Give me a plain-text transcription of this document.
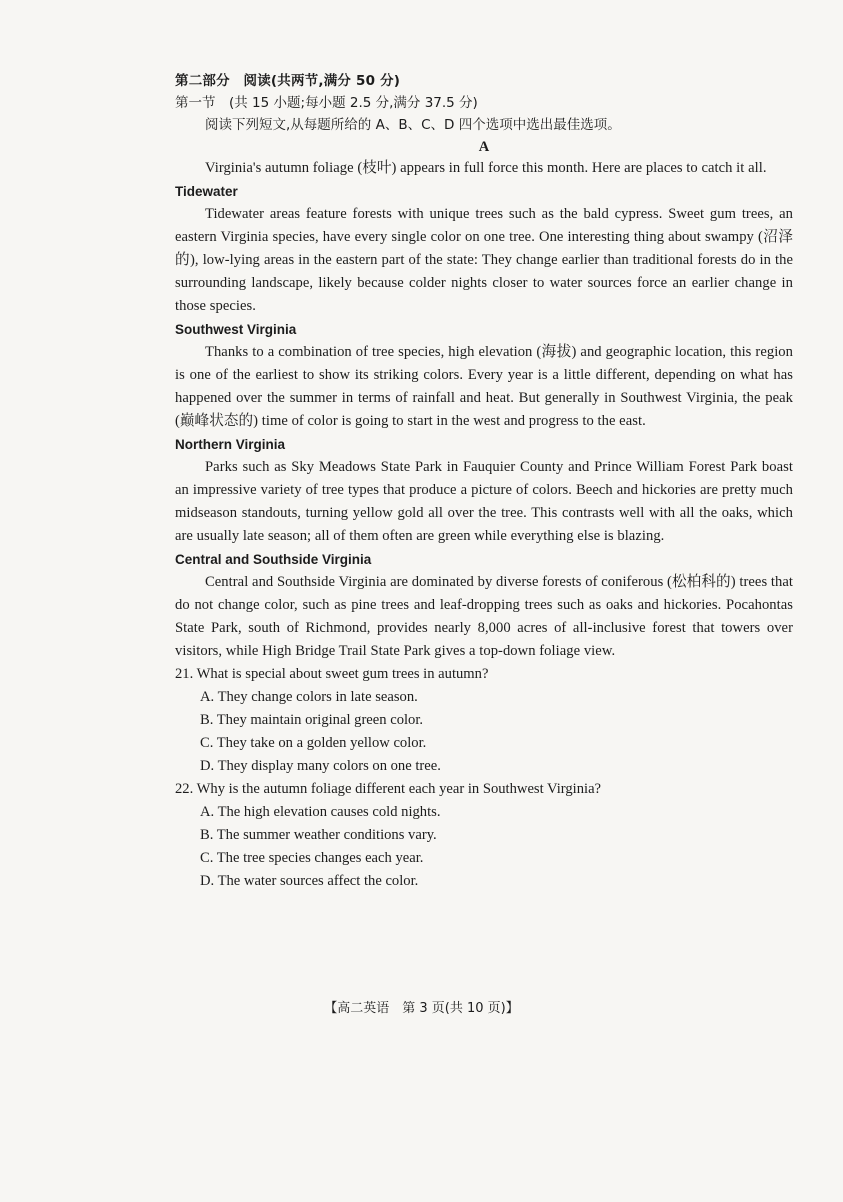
第二部分　阅读(共两节,满分 50 分)
第一节　(共 15 小题;每小题 2.5 分,满分 37.5 分)
阅读下列短文,从每题所给的 A、B、C、D 四个选项中选出最佳选项。
A

Virginia's autumn foliage (枝叶) appears in full force this month. Here are places to catch it all.

Tidewater

Tidewater areas feature forests with unique trees such as the bald cypress. Sweet gum trees, an eastern Virginia species, have every single color on one tree. One interesting thing about swampy (沼泽的), low-lying areas in the eastern part of the state: They change earlier than traditional forests do in the surrounding landscape, likely because colder nights closer to water sources force an earlier change in those species.

Southwest Virginia

Thanks to a combination of tree species, high elevation (海拔) and geographic location, this region is one of the earliest to show its striking colors. Every year is a little different, depending on what has happened over the summer in terms of rainfall and heat. But generally in Southwest Virginia, the peak (巅峰状态的) time of color is going to start in the west and progress to the east.

Northern Virginia

Parks such as Sky Meadows State Park in Fauquier County and Prince William Forest Park boast an impressive variety of tree types that produce a picture of colors. Beech and hickories are pretty much midseason standouts, turning yellow gold all over the tree. This contrasts well with all the oaks, which are usually late season; all of them often are green while everything else is blazing.

Central and Southside Virginia

Central and Southside Virginia are dominated by diverse forests of coniferous (松柏科的) trees that do not change color, such as pine trees and leaf-dropping trees such as oaks and hickories. Pocahontas State Park, south of Richmond, provides nearly 8,000 acres of all-inclusive forest that towers over visitors, while High Bridge Trail State Park gives a top-down foliage view.

21. What is special about sweet gum trees in autumn?

A. They change colors in late season.

B. They maintain original green color.

C. They take on a golden yellow color.

D. They display many colors on one tree.

22. Why is the autumn foliage different each year in Southwest Virginia?

A. The high elevation causes cold nights.

B. The summer weather conditions vary.

C. The tree species changes each year.

D. The water sources affect the color.

【高二英语　第 3 页(共 10 页)】
